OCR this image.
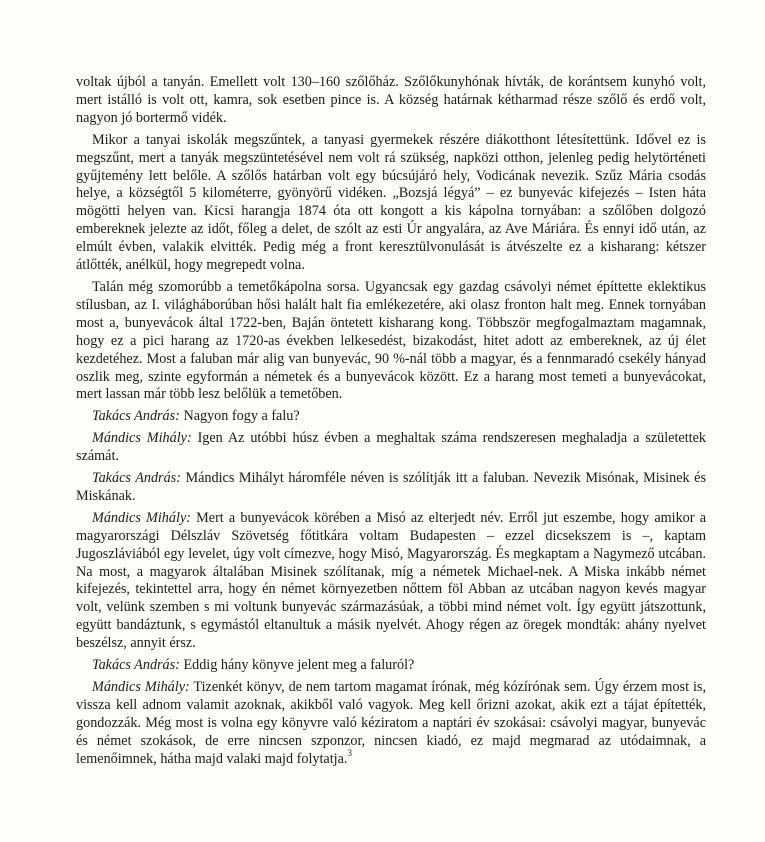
voltak újból a tanyán. Emellett volt 130–160 szőlőház. Szőlőkunyhónak hívták, de korántsem kunyhó volt, mert istálló is volt ott, kamra, sok esetben pince is. A község határnak kétharmad része szőlő és erdő volt, nagyon jó bortermő vidék.

Mikor a tanyai iskolák megszűntek, a tanyasi gyermekek részére diákotthont létesítettünk. Idővel ez is megszűnt, mert a tanyák megszüntetésével nem volt rá szükség, napközi otthon, jelenleg pedig helytörténeti gyűjtemény lett belőle. A szőlős határban volt egy búcsújáró hely, Vodicának nevezik. Szűz Mária csodás helye, a községtől 5 kilométerre, gyönyörű vidéken. „Bozsjá légyá” – ez bunyevác kifejezés – Isten háta mögötti helyen van. Kicsi harangja 1874 óta ott kongott a kis kápolna tornyában: a szőlőben dolgozó embereknek jelezte az időt, főleg a delet, de szólt az esti Úr angyalára, az Ave Máriára. És ennyi idő után, az elmúlt évben, valakik elvitték. Pedig még a front keresztülvonulását is átvészelte ez a kisharang: kétszer átlőtték, anélkül, hogy megrepedt volna.

Talán még szomorúbb a temetőkápolna sorsa. Ugyancsak egy gazdag csávolyi német építtette eklektikus stílusban, az I. világháborúban hősi halált halt fia emlékezetére, aki olasz fronton halt meg. Ennek tornyában most a, bunyevácok által 1722-ben, Baján öntetett kisharang kong. Többször megfogalmaztam magamnak, hogy ez a pici harang az 1720-as években lelkesedést, bizakodást, hitet adott az embereknek, az új élet kezdetéhez. Most a faluban már alig van bunyevác, 90 %-nál több a magyar, és a fennmaradó csekély hányad oszlik meg, szinte egyformán a németek és a bunyevácok között. Ez a harang most temeti a bunyevácokat, mert lassan már több lesz belőlük a temetőben.

Takács András: Nagyon fogy a falu?

Mándics Mihály: Igen Az utóbbi húsz évben a meghaltak száma rendszeresen meghaladja a születettek számát.

Takács András: Mándics Mihályt háromféle néven is szólítják itt a faluban. Nevezik Misónak, Misinek és Miskának.

Mándics Mihály: Mert a bunyevácok körében a Misó az elterjedt név. Erről jut eszembe, hogy amikor a magyarországi Délszláv Szövetség főtitkára voltam Budapesten – ezzel dicsekszem is –, kaptam Jugoszláviából egy levelet, úgy volt címezve, hogy Misó, Magyarország. És megkaptam a Nagymező utcában. Na most, a magyarok általában Misinek szólítanak, míg a németek Michael-nek. A Miska inkább német kifejezés, tekintettel arra, hogy én német környezetben nőttem föl Abban az utcában nagyon kevés magyar volt, velünk szemben s mi voltunk bunyevác származásúak, a többi mind német volt. Így együtt játszottunk, együtt bandáztunk, s egymástól eltanultuk a másik nyelvét. Ahogy régen az öregek mondták: ahány nyelvet beszélsz, annyit érsz.

Takács András: Eddig hány könyve jelent meg a faluról?

Mándics Mihály: Tizenkét könyv, de nem tartom magamat írónak, még kózírónak sem. Úgy érzem most is, vissza kell adnom valamit azoknak, akikből való vagyok. Meg kell őrizni azokat, akik ezt a tájat építették, gondozzák. Még most is volna egy könyvre való kéziratom a naptári év szokásai: csávolyi magyar, bunyevác és német szokások, de erre nincsen szponzor, nincsen kiadó, ez majd megmarad az utódaimnak, a lemenőimnek, hátha majd valaki majd folytatja.$^3$
